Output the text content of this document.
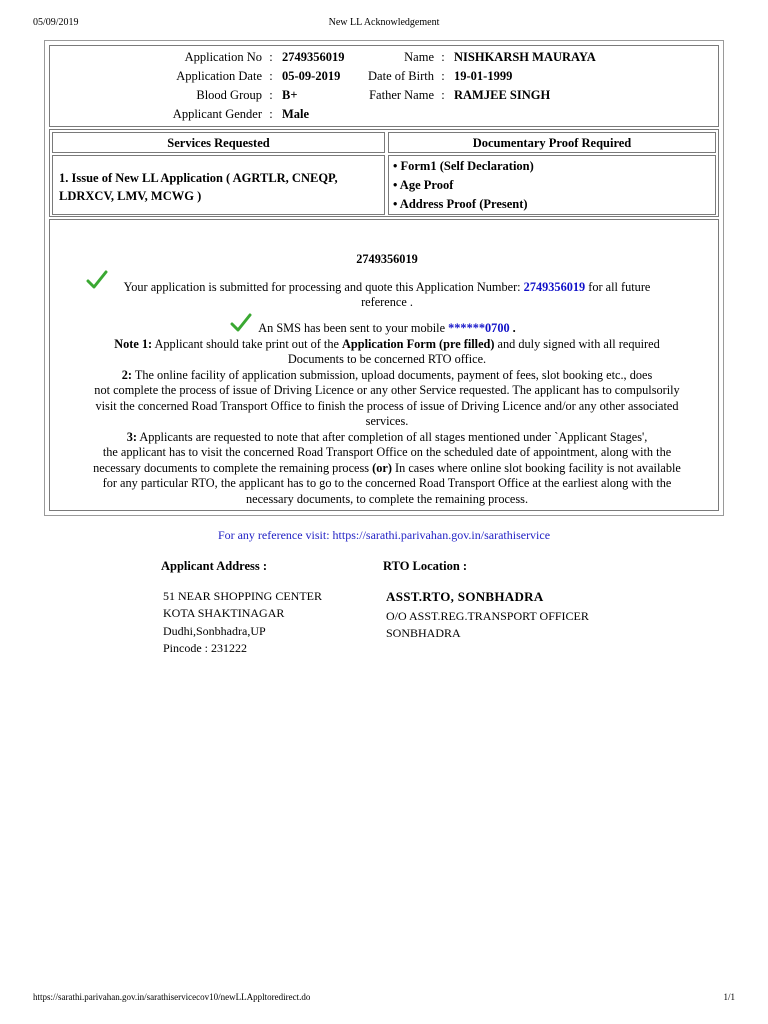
05/09/2019	New LL Acknowledgement
https://sarathi.parivahan.gov.in/sarathiservicecov10/newLLAppltoredirect.do	1/1
Application No : 2749356019	Name : NISHKARSH MAURAYA
Application Date : 05-09-2019	Date of Birth : 19-01-1999
Blood Group : B+	Father Name : RAMJEE SINGH
Applicant Gender : Male
Services Requested	Documentary Proof Required
1. Issue of New LL Application ( AGRTLR, CNEQP,
LDRXCV, LMV, MCWG )
• Form1 (Self Declaration)
• Age Proof
• Address Proof (Present)
2749356019
Your application is submitted for processing and quote this Application Number: 2749356019 for all future
reference .
An SMS has been sent to your mobile ******0700 .
Note 1: Applicant should take print out of the Application Form (pre filled) and duly signed with all required
Documents to be concerned RTO office.
2: The online facility of application submission, upload documents, payment of fees, slot booking etc., does
not complete the process of issue of Driving Licence or any other Service requested. The applicant has to compulsorily
visit the concerned Road Transport Office to finish the process of issue of Driving Licence and/or any other associated
services.
3: Applicants are requested to note that after completion of all stages mentioned under `Applicant Stages',
the applicant has to visit the concerned Road Transport Office on the scheduled date of appointment, along with the
necessary documents to complete the remaining process (or) In cases where online slot booking facility is not available
for any particular RTO, the applicant has to go to the concerned Road Transport Office at the earliest along with the
necessary documents, to complete the remaining process.
For any reference visit: https://sarathi.parivahan.gov.in/sarathiservice
Applicant Address :
51 NEAR SHOPPING CENTER
KOTA SHAKTINAGAR
Dudhi,Sonbhadra,UP
Pincode : 231222
RTO Location :
ASST.RTO, SONBHADRA
O/O ASST.REG.TRANSPORT OFFICER
SONBHADRA
